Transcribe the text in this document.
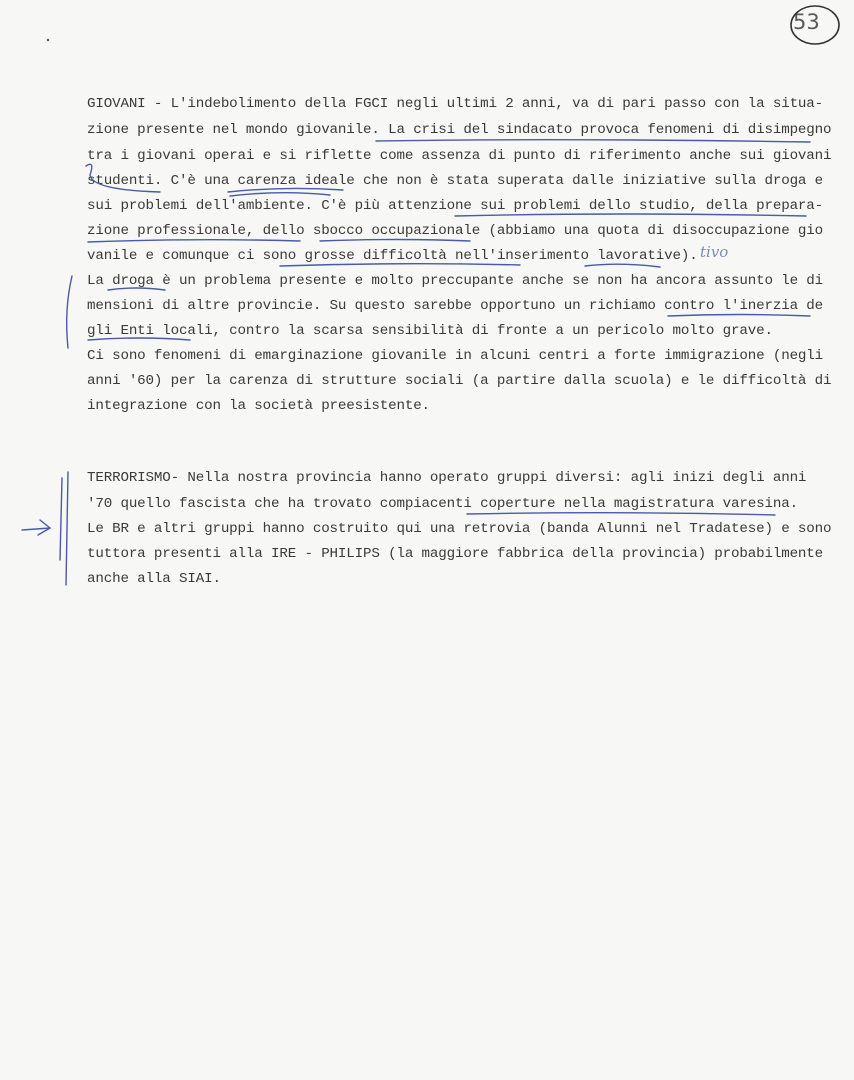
53
tivo
GIOVANI - L'indebolimento della FGCI negli ultimi 2 anni, va di pari passo con la situa-
zione presente nel mondo giovanile. La crisi del sindacato provoca fenomeni di disimpegno
tra i giovani operai e si riflette come assenza di punto di riferimento anche sui giovani
studenti. C'è una carenza ideale che non è stata superata dalle iniziative sulla droga e
sui problemi dell'ambiente. C'è più attenzione sui problemi dello studio, della prepara-
zione professionale, dello sbocco occupazionale (abbiamo una quota di disoccupazione gio
vanile e comunque ci sono grosse difficoltà nell'inserimento lavorative).
La droga è un problema presente e molto preccupante anche se non ha ancora assunto le di
mensioni di altre provincie. Su questo sarebbe opportuno un richiamo contro l'inerzia de
gli Enti locali, contro la scarsa sensibilità di fronte a un pericolo molto grave.
Ci sono fenomeni di emarginazione giovanile in alcuni centri a forte immigrazione (negli
anni '60) per la carenza di strutture sociali (a partire dalla scuola) e le difficoltà di
integrazione con la società preesistente.
TERRORISMO- Nella nostra provincia hanno operato gruppi diversi: agli inizi degli anni
'70 quello fascista che ha trovato compiacenti coperture nella magistratura varesina.
Le BR e altri gruppi hanno costruito qui una retrovia (banda Alunni nel Tradatese) e sono
tuttora presenti alla IRE - PHILIPS (la maggiore fabbrica della provincia) probabilmente
anche alla SIAI.
